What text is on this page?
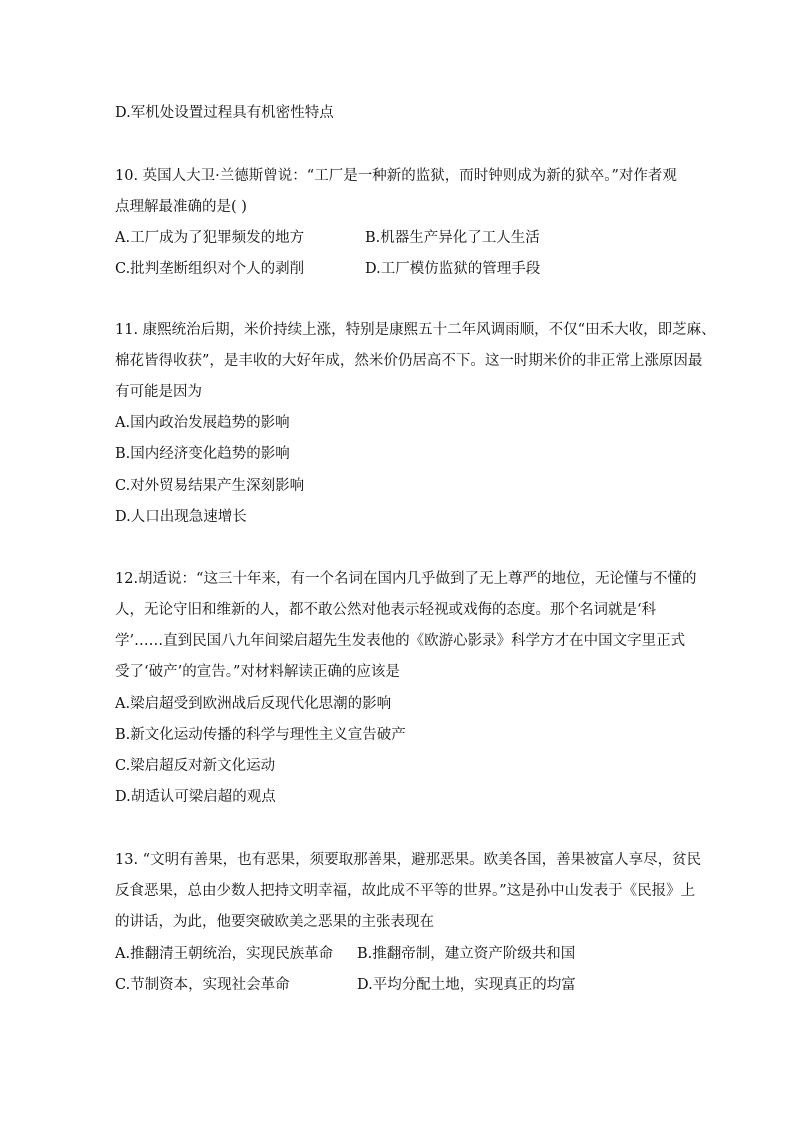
D.军机处设置过程具有机密性特点
10. 英国人大卫·兰德斯曾说：“工厂是一种新的监狱，而时钟则成为新的狱卒。”对作者观
点理解最准确的是( )
A.工厂成为了犯罪频发的地方	B.机器生产异化了工人生活
C.批判垄断组织对个人的剥削	D.工厂模仿监狱的管理手段
11. 康熙统治后期，米价持续上涨，特别是康熙五十二年风调雨顺，不仅“田禾大收，即芝麻、
棉花皆得收获”，是丰收的大好年成，然米价仍居高不下。这一时期米价的非正常上涨原因最
有可能是因为
A.国内政治发展趋势的影响
B.国内经济变化趋势的影响
C.对外贸易结果产生深刻影响
D.人口出现急速增长
12.胡适说：“这三十年来，有一个名词在国内几乎做到了无上尊严的地位，无论懂与不懂的
人，无论守旧和维新的人，都不敢公然对他表示轻视或戏侮的态度。那个名词就是‘科
学’……直到民国八九年间梁启超先生发表他的《欧游心影录》科学方才在中国文字里正式
受了‘破产’的宣告。”对材料解读正确的应该是
A.梁启超受到欧洲战后反现代化思潮的影响
B.新文化运动传播的科学与理性主义宣告破产
C.梁启超反对新文化运动
D.胡适认可梁启超的观点
13. “文明有善果，也有恶果，须要取那善果，避那恶果。欧美各国，善果被富人享尽，贫民
反食恶果，总由少数人把持文明幸福，故此成不平等的世界。”这是孙中山发表于《民报》上
的讲话，为此，他要突破欧美之恶果的主张表现在
A.推翻清王朝统治，实现民族革命 B.推翻帝制，建立资产阶级共和国
C.节制资本，实现社会革命	D.平均分配土地，实现真正的均富
